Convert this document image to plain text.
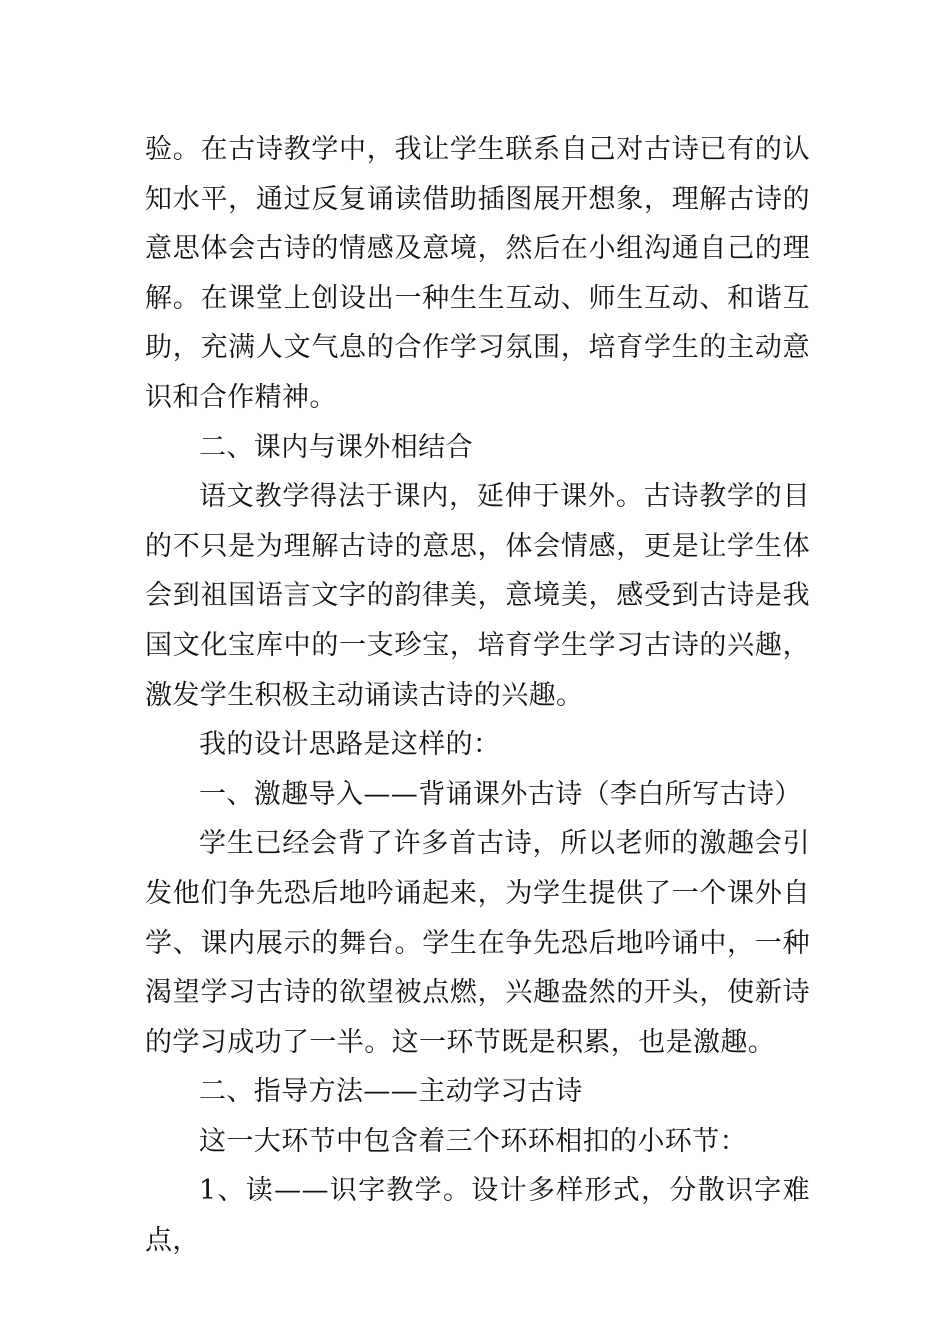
验。在古诗教学中，我让学生联系自己对古诗已有的认知水平，通过反复诵读借助插图展开想象，理解古诗的意思体会古诗的情感及意境，然后在小组沟通自己的理解。在课堂上创设出一种生生互动、师生互动、和谐互助，充满人文气息的合作学习氛围，培育学生的主动意识和合作精神。

二、课内与课外相结合

语文教学得法于课内，延伸于课外。古诗教学的目的不只是为理解古诗的意思，体会情感，更是让学生体会到祖国语言文字的韵律美，意境美，感受到古诗是我国文化宝库中的一支珍宝，培育学生学习古诗的兴趣，激发学生积极主动诵读古诗的兴趣。

我的设计思路是这样的：

一、激趣导入——背诵课外古诗（李白所写古诗）

学生已经会背了许多首古诗，所以老师的激趣会引发他们争先恐后地吟诵起来，为学生提供了一个课外自学、课内展示的舞台。学生在争先恐后地吟诵中，一种渴望学习古诗的欲望被点燃，兴趣盎然的开头，使新诗的学习成功了一半。这一环节既是积累，也是激趣。

二、指导方法——主动学习古诗

这一大环节中包含着三个环环相扣的小环节：

1、读——识字教学。设计多样形式，分散识字难点，
